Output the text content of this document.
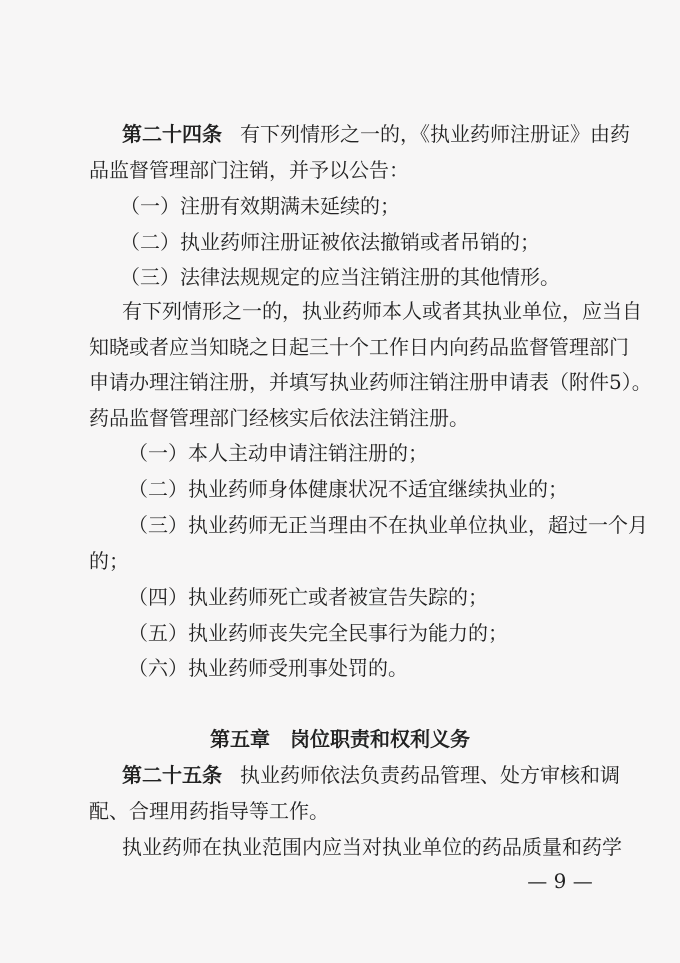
第二十四条 有下列情形之一的，《执业药师注册证》由药
品监督管理部门注销，并予以公告：
（一）注册有效期满未延续的；
（二）执业药师注册证被依法撤销或者吊销的；
（三）法律法规规定的应当注销注册的其他情形。
有下列情形之一的，执业药师本人或者其执业单位，应当自
知晓或者应当知晓之日起三十个工作日内向药品监督管理部门
申请办理注销注册，并填写执业药师注销注册申请表（附件5）。
药品监督管理部门经核实后依法注销注册。
（一）本人主动申请注销注册的；
（二）执业药师身体健康状况不适宜继续执业的；
（三）执业药师无正当理由不在执业单位执业，超过一个月
的；
（四）执业药师死亡或者被宣告失踪的；
（五）执业药师丧失完全民事行为能力的；
（六）执业药师受刑事处罚的。
第五章　岗位职责和权利义务
第二十五条 执业药师依法负责药品管理、处方审核和调
配、合理用药指导等工作。
执业药师在执业范围内应当对执业单位的药品质量和药学
— 9 —
